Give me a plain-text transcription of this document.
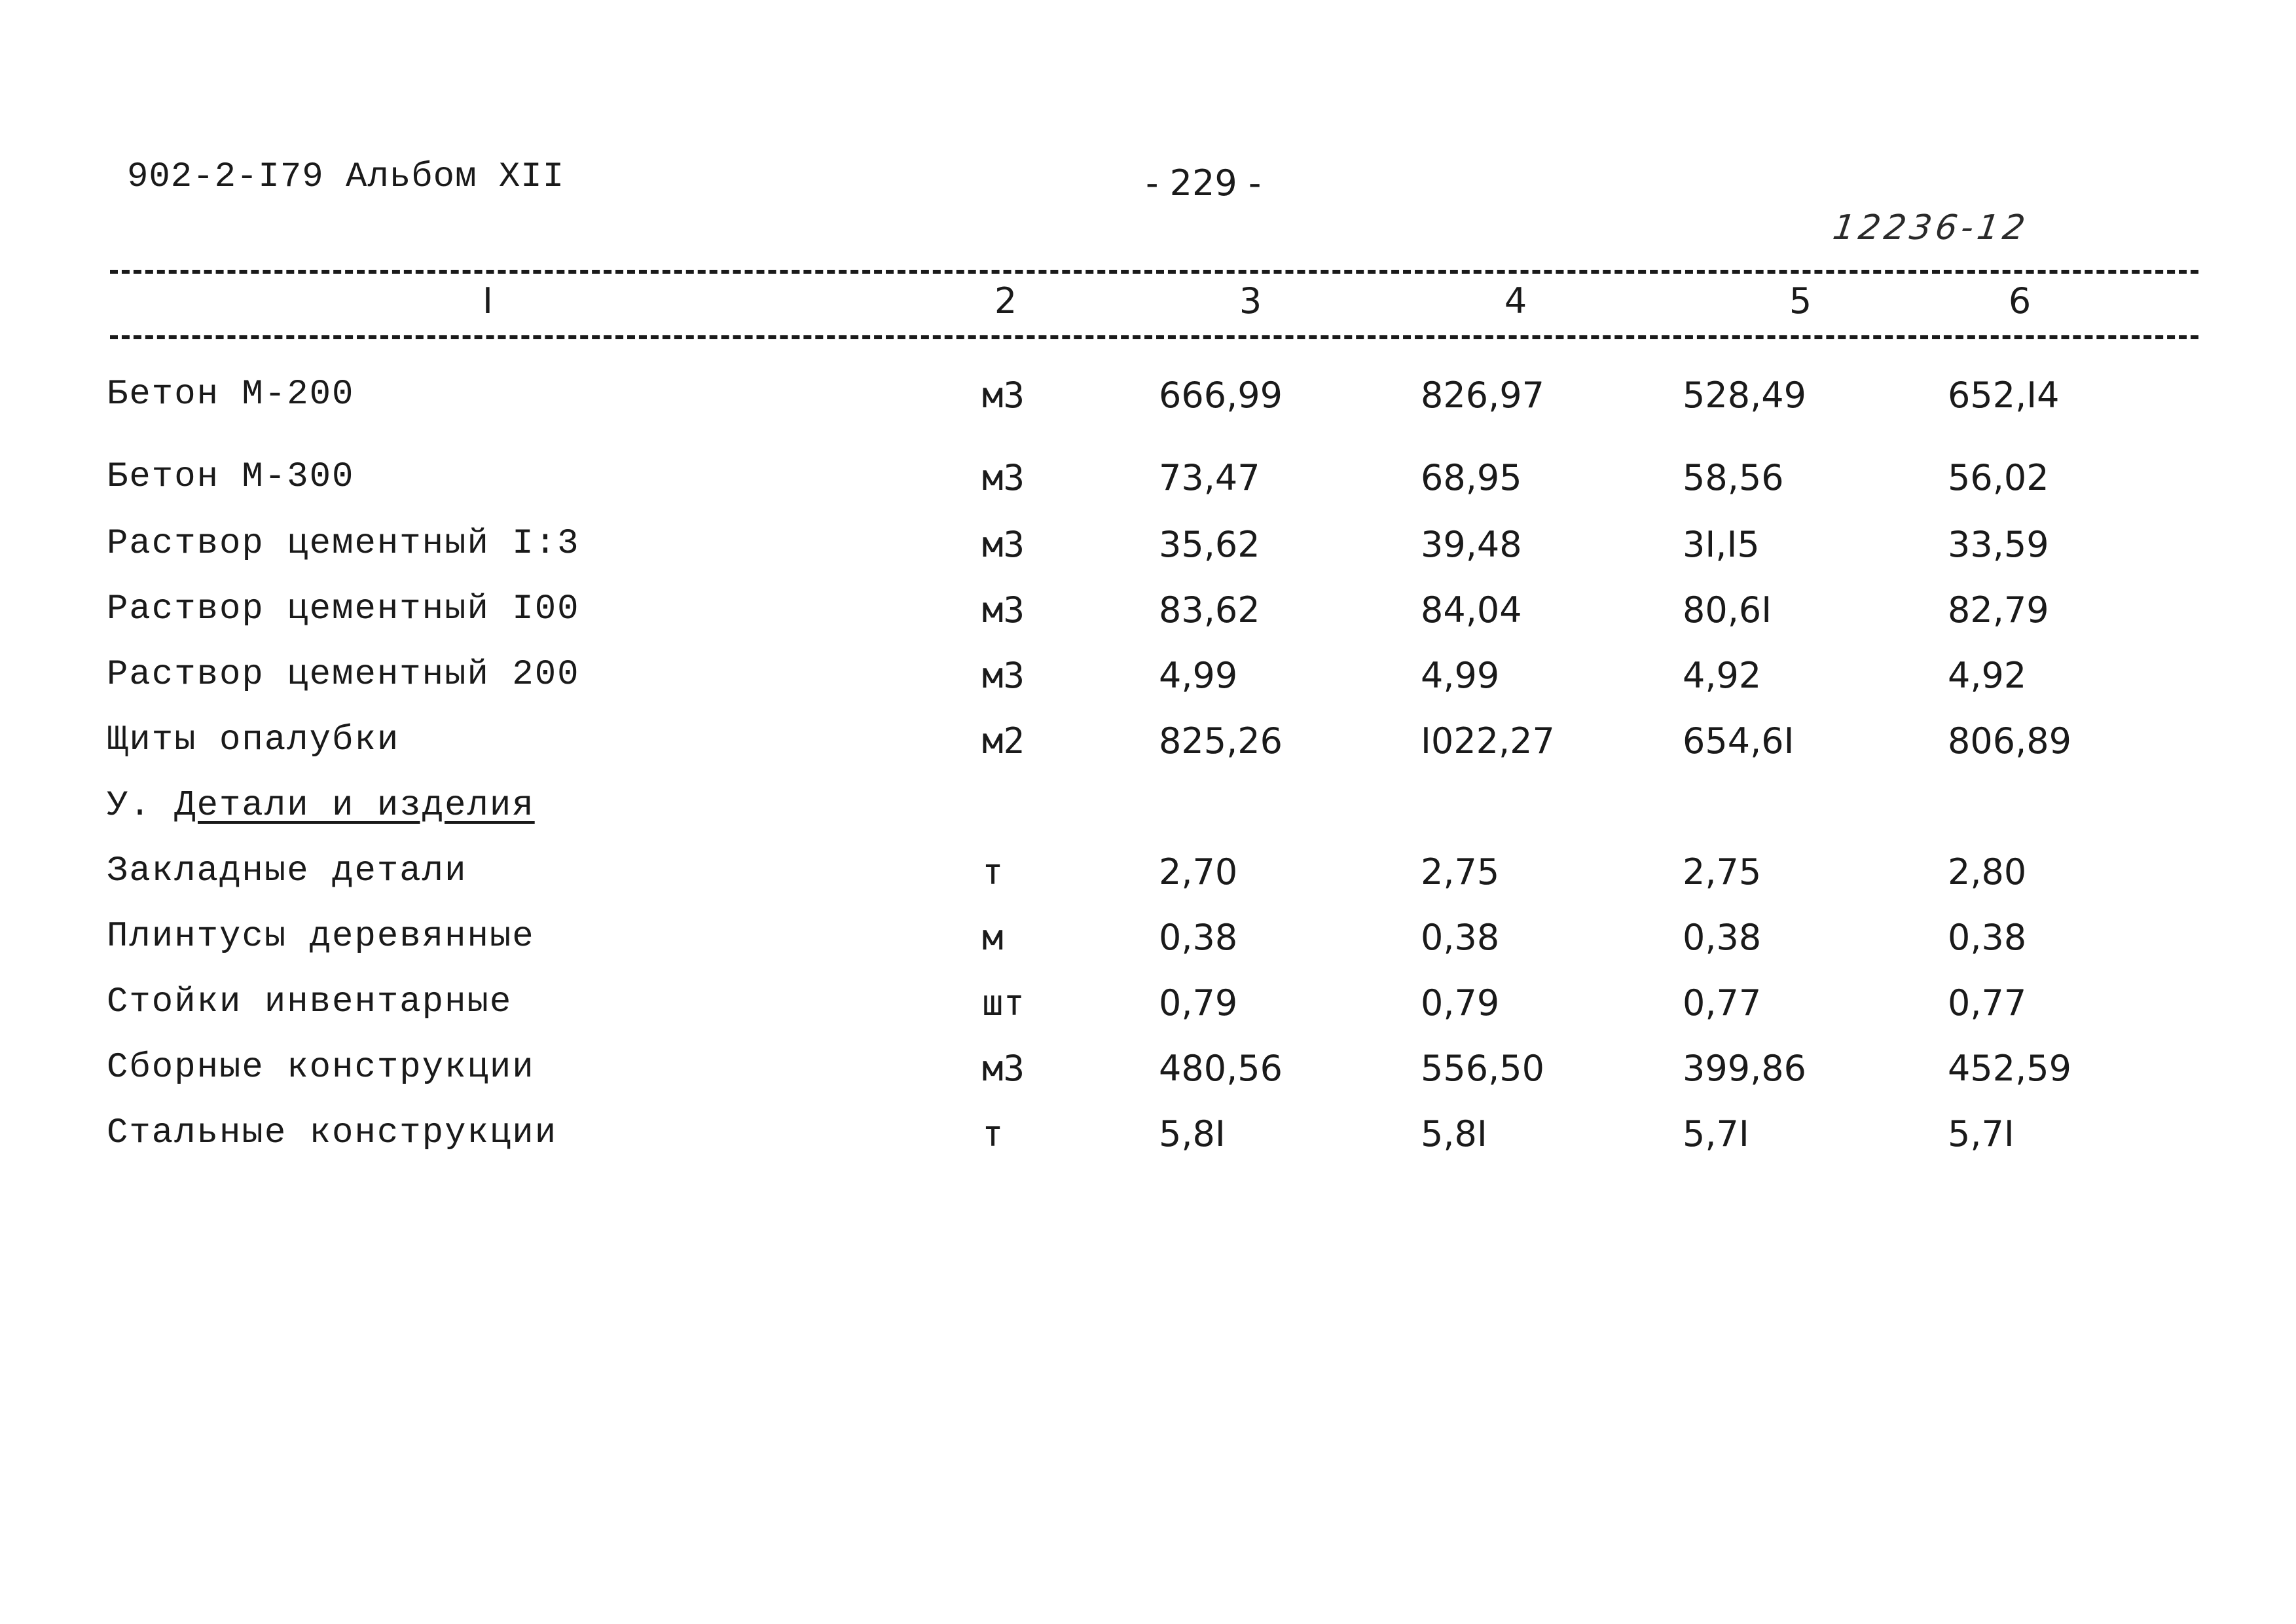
902-2-I79 Альбом XII	- 229 -
12236-12
I	2	3	4	5	6
Бетон М-200	м3	666,99	826,97	528,49	652,I4
Бетон М-300	м3	73,47	68,95	58,56	56,02
Раствор цементный I:3	м3	35,62	39,48	3I,I5	33,59
Раствор цементный I00	м3	83,62	84,04	80,6I	82,79
Раствор цементный 200	м3	4,99	4,99	4,92	4,92
Щиты опалубки	м2	825,26	I022,27	654,6I	806,89
У. Детали и изделия
Закладные детали	т	2,70	2,75	2,75	2,80
Плинтусы деревянные	м	0,38	0,38	0,38	0,38
Стойки инвентарные	шт	0,79	0,79	0,77	0,77
Сборные конструкции	м3	480,56	556,50	399,86	452,59
Стальные конструкции	т	5,8I	5,8I	5,7I	5,7I
